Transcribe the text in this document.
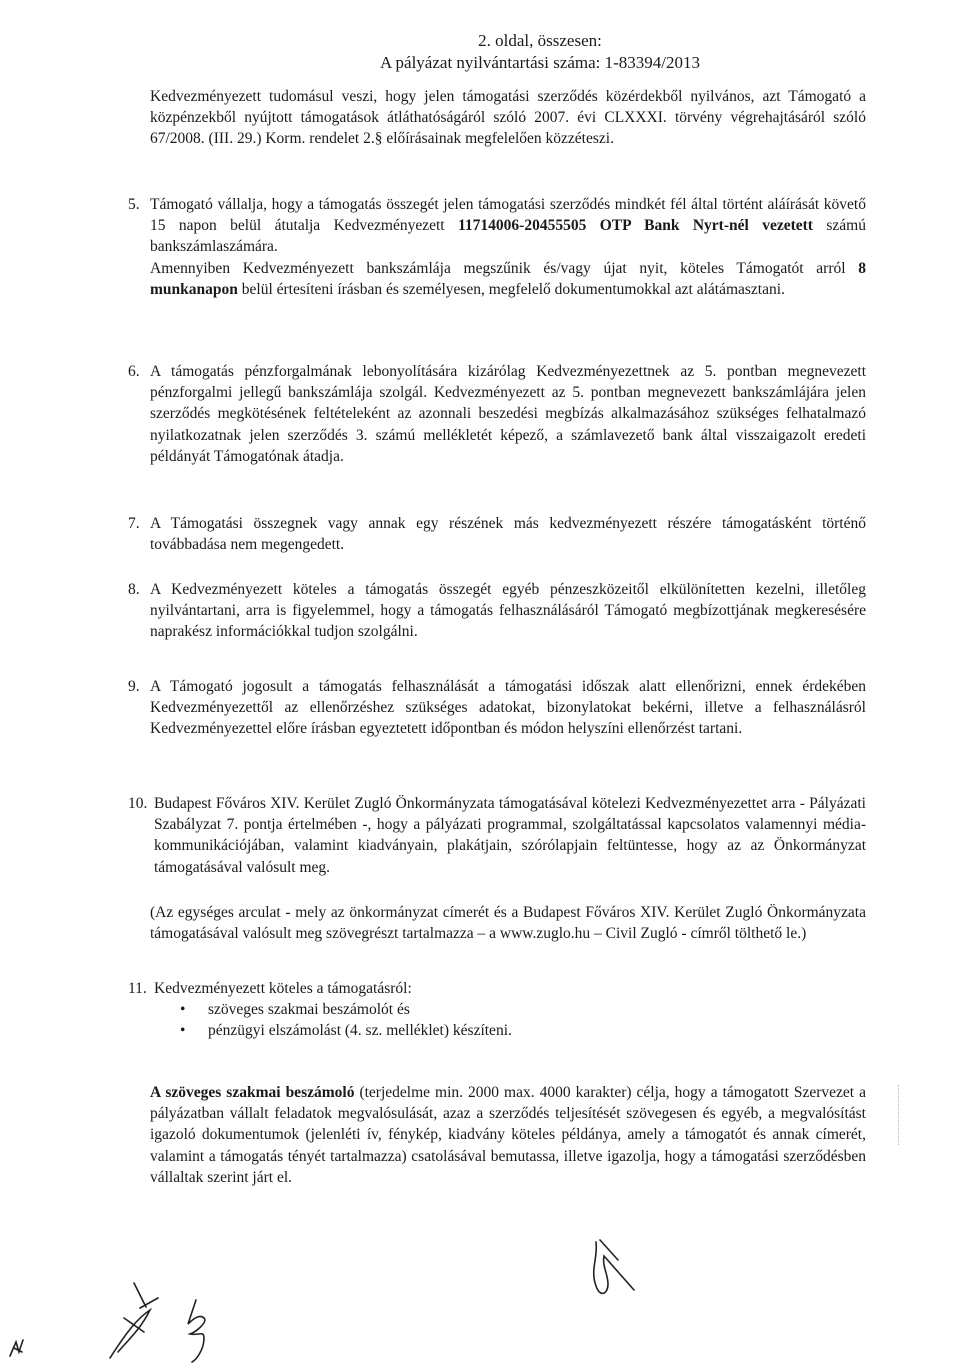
2. oldal, összesen:
A pályázat nyilvántartási száma: 1-83394/2013
Kedvezményezett tudomásul veszi, hogy jelen támogatási szerződés közérdekből nyilvános, azt Támogató a közpénzekből nyújtott támogatások átláthatóságáról szóló 2007. évi CLXXXI. törvény végrehajtásáról szóló 67/2008. (III. 29.) Korm. rendelet 2.§ előírásainak megfelelően közzéteszi.
5. Támogató vállalja, hogy a támogatás összegét jelen támogatási szerződés mindkét fél által történt aláírását követő 15 napon belül átutalja Kedvezményezett 11714006-20455505 OTP Bank Nyrt-nél vezetett számú bankszámlaszámára.
Amennyiben Kedvezményezett bankszámlája megszűnik és/vagy újat nyit, köteles Támogatót arról 8 munkanapon belül értesíteni írásban és személyesen, megfelelő dokumentumokkal azt alátámasztani.
6. A támogatás pénzforgalmának lebonyolítására kizárólag Kedvezményezettnek az 5. pontban megnevezett pénzforgalmi jellegű bankszámlája szolgál. Kedvezményezett az 5. pontban megnevezett bankszámlájára jelen szerződés megkötésének feltételeként az azonnali beszedési megbízás alkalmazásához szükséges felhatalmazó nyilatkozatnak jelen szerződés 3. számú mellékletét képező, a számlavezető bank által visszaigazolt eredeti példányát Támogatónak átadja.
7. A Támogatási összegnek vagy annak egy részének más kedvezményezett részére támogatásként történő továbbadása nem megengedett.
8. A Kedvezményezett köteles a támogatás összegét egyéb pénzeszközeitől elkülönítetten kezelni, illetőleg nyilvántartani, arra is figyelemmel, hogy a támogatás felhasználásáról Támogató megbízottjának megkeresésére naprakész információkkal tudjon szolgálni.
9. A Támogató jogosult a támogatás felhasználását a támogatási időszak alatt ellenőrizni, ennek érdekében Kedvezményezettől az ellenőrzéshez szükséges adatokat, bizonylatokat bekérni, illetve a felhasználásról Kedvezményezettel előre írásban egyeztetett időpontban és módon helyszíni ellenőrzést tartani.
10. Budapest Főváros XIV. Kerület Zugló Önkormányzata támogatásával kötelezi Kedvezményezettet arra - Pályázati Szabályzat 7. pontja értelmében -, hogy a pályázati programmal, szolgáltatással kapcsolatos valamennyi média-kommunikációjában, valamint kiadványain, plakátjain, szórólapjain feltüntesse, hogy az az Önkormányzat támogatásával valósult meg.
(Az egységes arculat - mely az önkormányzat címerét és a Budapest Főváros XIV. Kerület Zugló Önkormányzata támogatásával valósult meg szövegrészt tartalmazza – a www.zuglo.hu – Civil Zugló - címről tölthető le.)
11. Kedvezményezett köteles a támogatásról:
• szöveges szakmai beszámolót és
• pénzügyi elszámolást (4. sz. melléklet) készíteni.
A szöveges szakmai beszámoló (terjedelme min. 2000 max. 4000 karakter) célja, hogy a támogatott Szervezet a pályázatban vállalt feladatok megvalósulását, azaz a szerződés teljesítését szövegesen és egyéb, a megvalósítást igazoló dokumentumok (jelenléti ív, fénykép, kiadvány köteles példánya, amely a támogatót és annak címerét, valamint a támogatás tényét tartalmazza) csatolásával bemutassa, illetve igazolja, hogy a támogatási szerződésben vállaltak szerint járt el.
